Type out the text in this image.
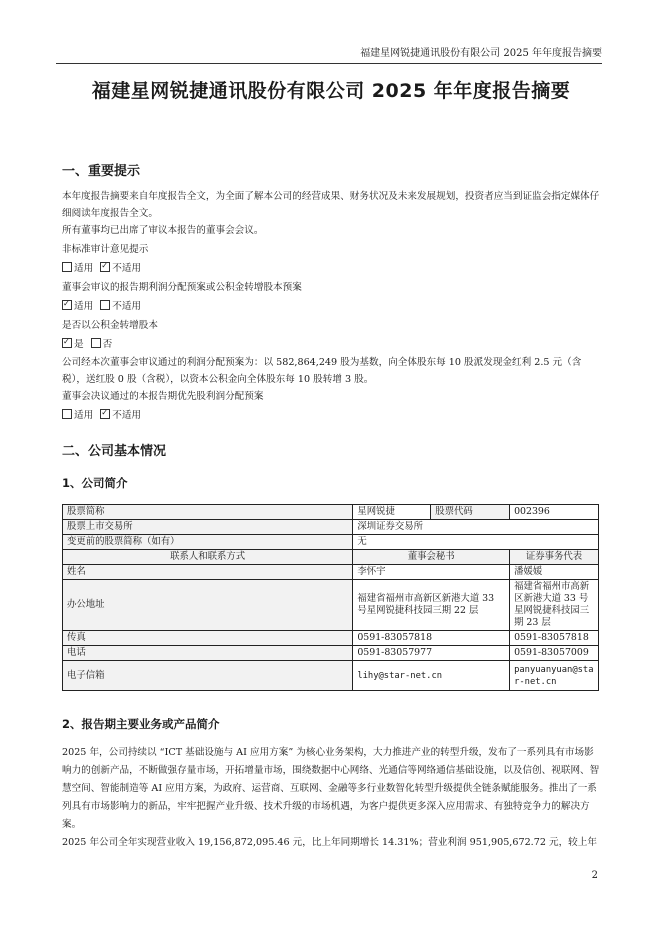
福建星网锐捷通讯股份有限公司 2025 年年度报告摘要
福建星网锐捷通讯股份有限公司 2025 年年度报告摘要
一、重要提示
本年度报告摘要来自年度报告全文，为全面了解本公司的经营成果、财务状况及未来发展规划，投资者应当到证监会指定媒体仔细阅读年度报告全文。
所有董事均已出席了审议本报告的董事会会议。
非标准审计意见提示
适用 ✓ 不适用
董事会审议的报告期利润分配预案或公积金转增股本预案
✓适用 不适用
是否以公积金转增股本
✓是 否
公司经本次董事会审议通过的利润分配预案为：以 582,864,249 股为基数，向全体股东每 10 股派发现金红利 2.5 元（含税），送红股 0 股（含税），以资本公积金向全体股东每 10 股转增 3 股。
董事会决议通过的本报告期优先股利润分配预案
适用 ✓ 不适用
二、公司基本情况
1、公司简介
股票简称	星网锐捷	股票代码	002396
股票上市交易所	深圳证券交易所		
变更前的股票简称（如有）	无		
联系人和联系方式	董事会秘书		证券事务代表
姓名	李怀宇		潘媛媛
办公地址	福建省福州市高新区新港大道 33 号星网锐捷科技园三期 22 层		福建省福州市高新区新港大道 33 号星网锐捷科技园三期 23 层
传真	0591-83057818		0591-83057818
电话	0591-83057977		0591-83057009
电子信箱	lihy@star-net.cn		panyuanyuan@star-net.cn
2、报告期主要业务或产品简介
2025 年，公司持续以 “ICT 基础设施与 AI 应用方案” 为核心业务架构，大力推进产业的转型升级，发布了一系列具有市场影响力的创新产品，不断做强存量市场，开拓增量市场，围绕数据中心网络、光通信等网络通信基础设施，以及信创、视联网、智慧空间、智能制造等 AI 应用方案，为政府、运营商、互联网、金融等多行业数智化转型升级提供全链条赋能服务。推出了一系列具有市场影响力的新品，牢牢把握产业升级、技术升级的市场机遇，为客户提供更多深入应用需求、有独特竞争力的解决方案。
2025 年公司全年实现营业收入 19,156,872,095.46 元，比上年同期增长 14.31%；营业利润 951,905,672.72 元，较上年
2
